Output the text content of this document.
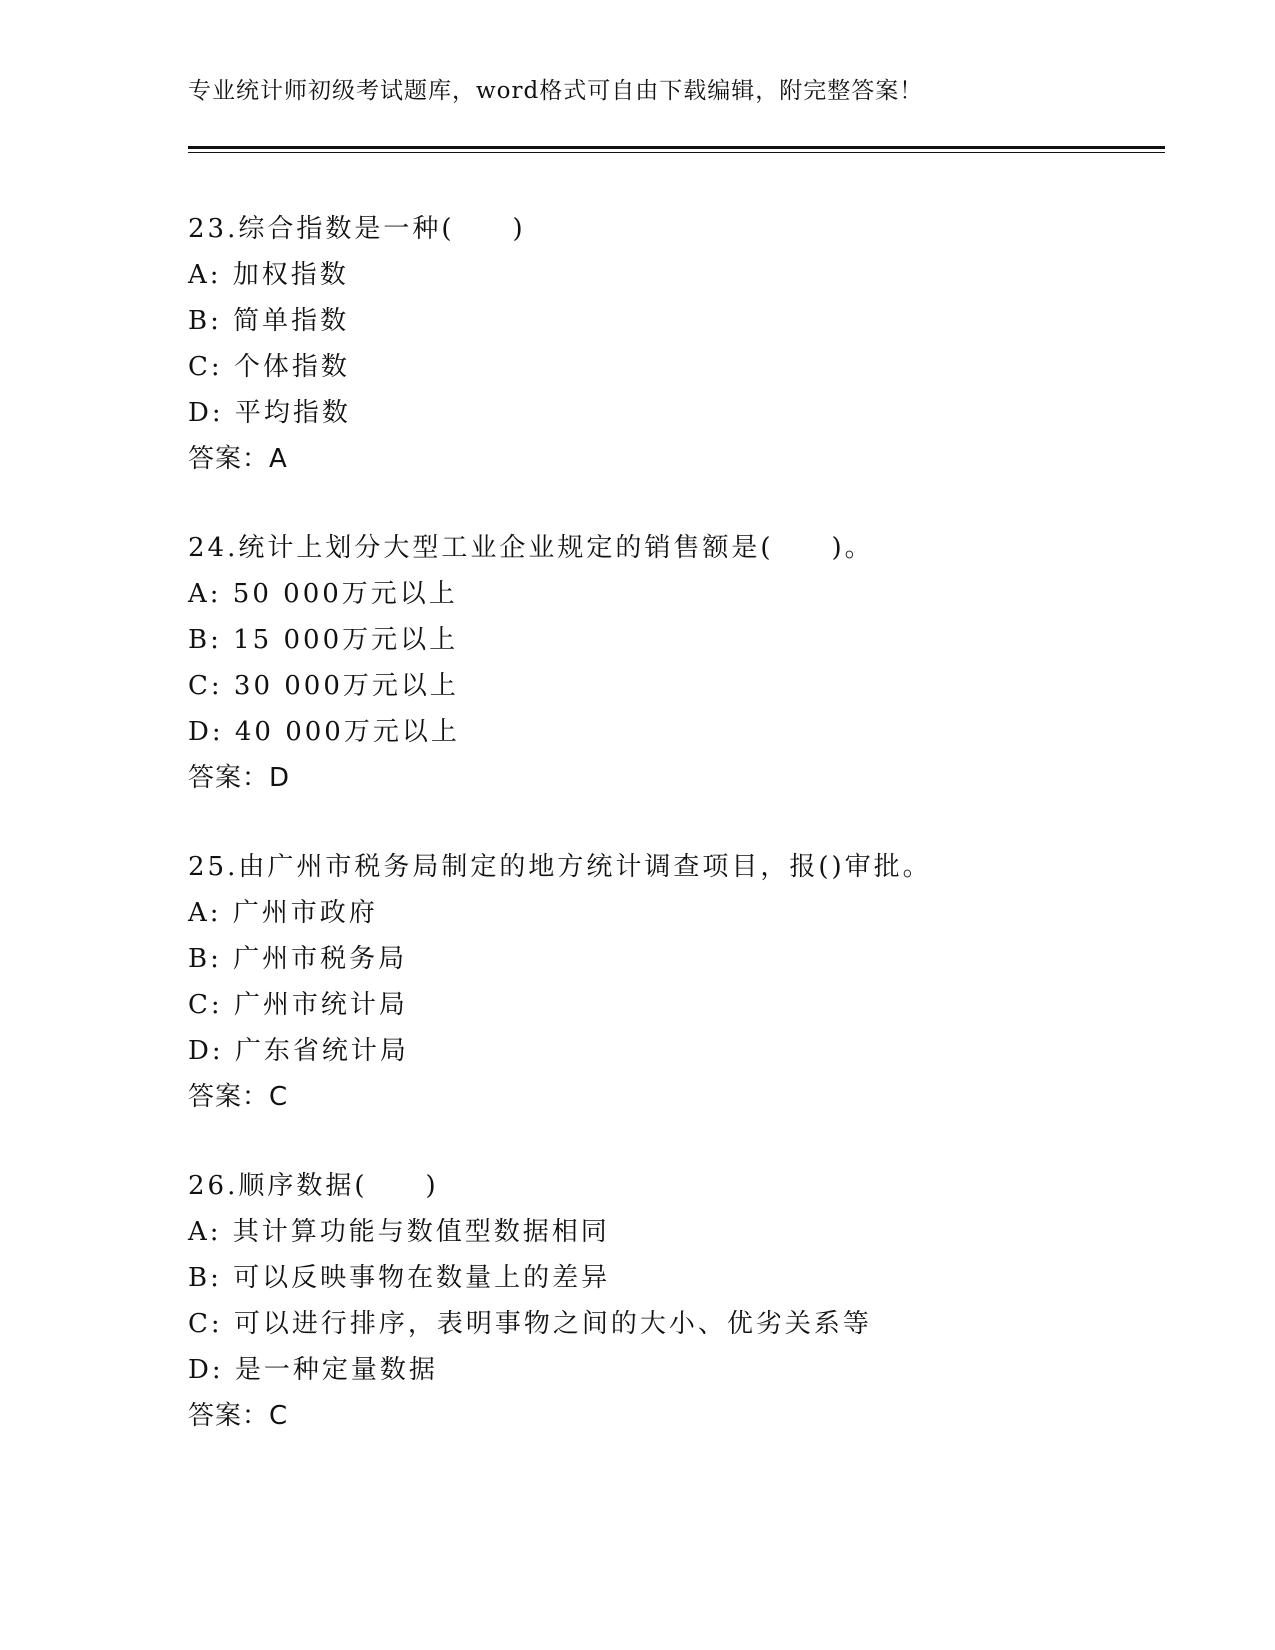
专业统计师初级考试题库，word格式可自由下载编辑，附完整答案！
23.综合指数是一种(　　)
A: 加权指数
B: 简单指数
C: 个体指数
D: 平均指数
答案：A
24.统计上划分大型工业企业规定的销售额是(　　)。
A: 50 000万元以上
B: 15 000万元以上
C: 30 000万元以上
D: 40 000万元以上
答案：D
25.由广州市税务局制定的地方统计调查项目，报()审批。
A: 广州市政府
B: 广州市税务局
C: 广州市统计局
D: 广东省统计局
答案：C
26.顺序数据(　　)
A: 其计算功能与数值型数据相同
B: 可以反映事物在数量上的差异
C: 可以进行排序，表明事物之间的大小、优劣关系等
D: 是一种定量数据
答案：C
